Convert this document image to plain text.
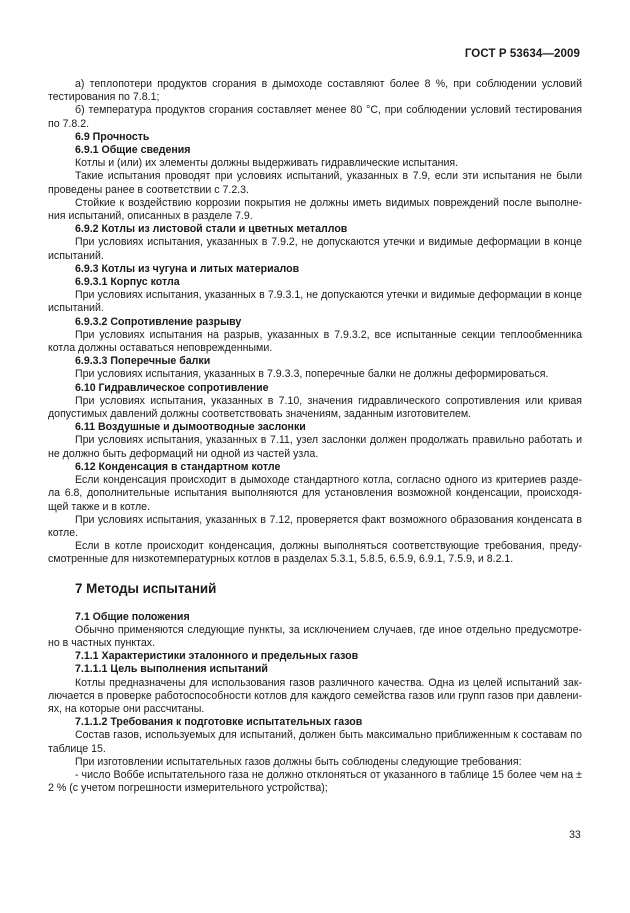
ГОСТ Р 53634—2009
а) теплопотери продуктов сгорания в дымоходе составляют более 8 %, при соблюдении условий тестирования по 7.8.1;
б) температура продуктов сгорания составляет менее 80 °С, при соблюдении условий тестирования по 7.8.2.
6.9 Прочность
6.9.1 Общие сведения
Котлы и (или) их элементы должны выдерживать гидравлические испытания.
Такие испытания проводят при условиях испытаний, указанных в 7.9, если эти испытания не были проведены ранее в соответствии с 7.2.3.
Стойкие к воздействию коррозии покрытия не должны иметь видимых повреждений после выполне- ния испытаний, описанных в разделе 7.9.
6.9.2 Котлы из листовой стали и цветных металлов
При условиях испытания, указанных в 7.9.2, не допускаются утечки и видимые деформации в конце испытаний.
6.9.3 Котлы из чугуна и литых материалов
6.9.3.1 Корпус котла
При условиях испытания, указанных в 7.9.3.1, не допускаются утечки и видимые деформации в конце испытаний.
6.9.3.2 Сопротивление разрыву
При условиях испытания на разрыв, указанных в 7.9.3.2, все испытанные секции теплообменника котла должны оставаться неповрежденными.
6.9.3.3 Поперечные балки
При условиях испытания, указанных в 7.9.3.3, поперечные балки не должны деформироваться.
6.10 Гидравлическое сопротивление
При условиях испытания, указанных в 7.10, значения гидравлического сопротивления или кривая допустимых давлений должны соответствовать значениям, заданным изготовителем.
6.11 Воздушные и дымоотводные заслонки
При условиях испытания, указанных в 7.11, узел заслонки должен продолжать правильно работать и не должно быть деформаций ни одной из частей узла.
6.12 Конденсация в стандартном котле
Если конденсация происходит в дымоходе стандартного котла, согласно одного из критериев разде- ла 6.8, дополнительные испытания выполняются для установления возможной конденсации, происходя- щей также и в котле.
При условиях испытания, указанных в 7.12, проверяется факт возможного образования конденсата в котле.
Если в котле происходит конденсация, должны выполняться соответствующие требования, преду- смотренные для низкотемпературных котлов в разделах 5.3.1, 5.8.5, 6.5.9, 6.9.1, 7.5.9, и 8.2.1.
7 Методы испытаний
7.1 Общие положения
Обычно применяются следующие пункты, за исключением случаев, где иное отдельно предусмотре- но в частных пунктах.
7.1.1 Характеристики эталонного и предельных газов
7.1.1.1 Цель выполнения испытаний
Котлы предназначены для использования газов различного качества. Одна из целей испытаний зак- лючается в проверке работоспособности котлов для каждого семейства газов или групп газов при давлени- ях, на которые они рассчитаны.
7.1.1.2 Требования к подготовке испытательных газов
Состав газов, используемых для испытаний, должен быть максимально приближенным к составам по таблице 15.
При изготовлении испытательных газов должны быть соблюдены следующие требования:
- число Воббе испытательного газа не должно отклоняться от указанного в таблице 15 более чем на ± 2 % (с учетом погрешности измерительного устройства);
33
